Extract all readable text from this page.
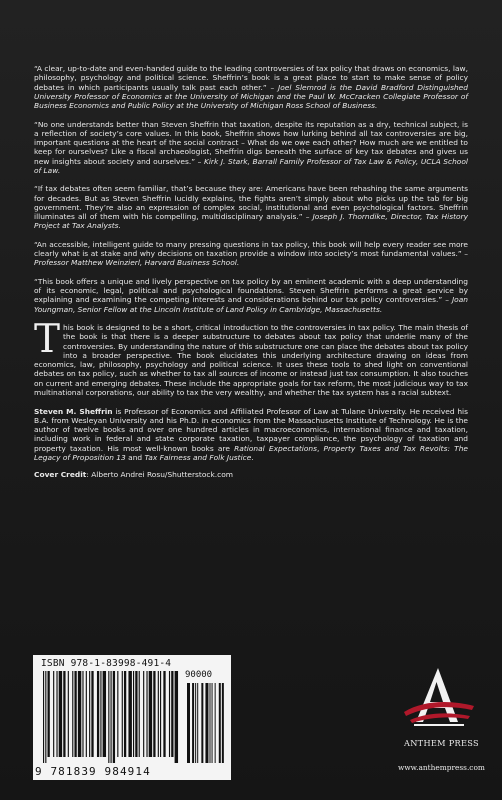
“A clear, up-to-date and even-handed guide to the leading controversies of tax policy that draws on economics, law, philosophy, psychology and political science. Sheffrin’s book is a great place to start to make sense of policy debates in which participants usually talk past each other.” – Joel Slemrod is the David Bradford Distinguished University Professor of Economics at the University of Michigan and the Paul W. McCracken Collegiate Professor of Business Economics and Public Policy at the University of Michigan Ross School of Business.

“No one understands better than Steven Sheffrin that taxation, despite its reputation as a dry, technical subject, is a reflection of society’s core values. In this book, Sheffrin shows how lurking behind all tax controversies are big, important questions at the heart of the social contract – What do we owe each other? How much are we entitled to keep for ourselves? Like a fiscal archaeologist, Sheffrin digs beneath the surface of key tax debates and gives us new insights about society and ourselves.” – Kirk J. Stark, Barrall Family Professor of Tax Law & Policy, UCLA School of Law.

“If tax debates often seem familiar, that’s because they are: Americans have been rehashing the same arguments for decades. But as Steven Sheffrin lucidly explains, the fights aren’t simply about who picks up the tab for big government. They’re also an expression of complex social, institutional and even psychological factors. Sheffrin illuminates all of them with his compelling, multidisciplinary analysis.” – Joseph J. Thorndike, Director, Tax History Project at Tax Analysts.

“An accessible, intelligent guide to many pressing questions in tax policy, this book will help every reader see more clearly what is at stake and why decisions on taxation provide a window into society’s most fundamental values.” – Professor Matthew Weinzierl, Harvard Business School.

“This book offers a unique and lively perspective on tax policy by an eminent academic with a deep understanding of its economic, legal, political and psychological foundations. Steven Sheffrin performs a great service by explaining and examining the competing interests and considerations behind our tax policy controversies.” – Joan Youngman, Senior Fellow at the Lincoln Institute of Land Policy in Cambridge, Massachusetts.

This book is designed to be a short, critical introduction to the controversies in tax policy. The main thesis of the book is that there is a deeper substructure to debates about tax policy that underlie many of the controversies. By understanding the nature of this substructure one can place the debates about tax policy into a broader perspective. The book elucidates this underlying architecture drawing on ideas from economics, law, philosophy, psychology and political science. It uses these tools to shed light on conventional debates on tax policy, such as whether to tax all sources of income or instead just tax consumption. It also touches on current and emerging debates. These include the appropriate goals for tax reform, the most judicious way to tax multinational corporations, our ability to tax the very wealthy, and whether the tax system has a racial subtext.

Steven M. Sheffrin is Professor of Economics and Affiliated Professor of Law at Tulane University. He received his B.A. from Wesleyan University and his Ph.D. in economics from the Massachusetts Institute of Technology. He is the author of twelve books and over one hundred articles in macroeconomics, international finance and taxation, including work in federal and state corporate taxation, taxpayer compliance, the psychology of taxation and property taxation. His most well-known books are Rational Expectations, Property Taxes and Tax Revolts: The Legacy of Proposition 13 and Tax Fairness and Folk Justice.

Cover Credit: Alberto Andrei Rosu/Shutterstock.com

ISBN 978-1-83998-491-4
90000
9 781839 984914
ANTHEM PRESS
www.anthempress.com
